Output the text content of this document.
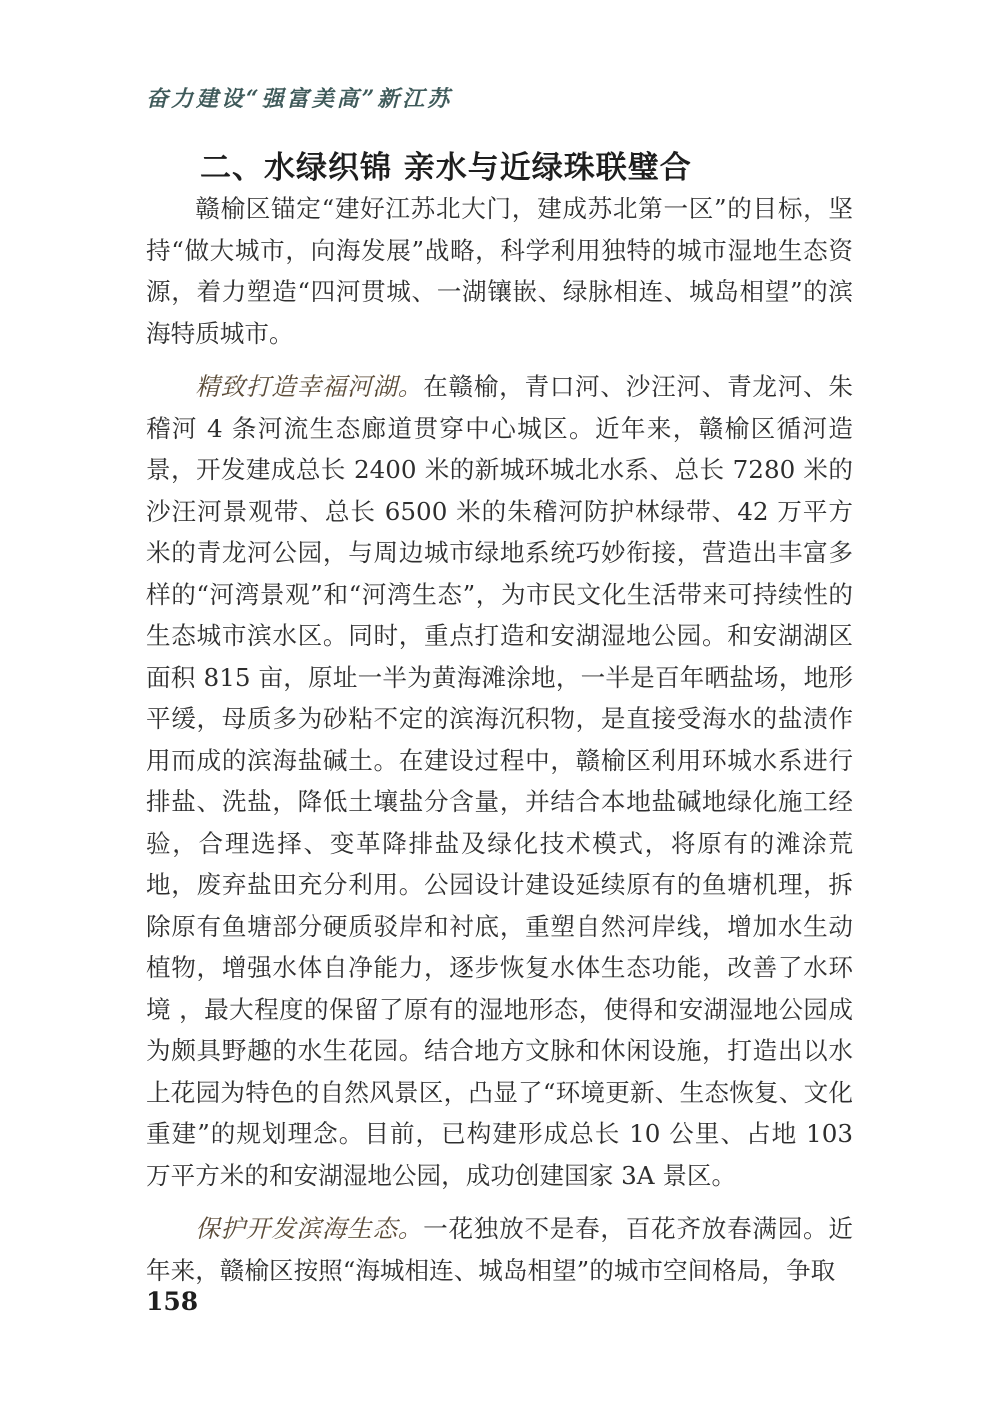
奋力建设“强富美高”新江苏
二、水绿织锦 亲水与近绿珠联璧合

赣榆区锚定“建好江苏北大门，建成苏北第一区”的目标，坚持“做大城市，向海发展”战略，科学利用独特的城市湿地生态资源，着力塑造“四河贯城、一湖镶嵌、绿脉相连、城岛相望”的滨海特质城市。

精致打造幸福河湖。在赣榆，青口河、沙汪河、青龙河、朱稽河 4 条河流生态廊道贯穿中心城区。近年来，赣榆区循河造景，开发建成总长 2400 米的新城环城北水系、总长 7280 米的沙汪河景观带、总长 6500 米的朱稽河防护林绿带、42 万平方米的青龙河公园，与周边城市绿地系统巧妙衔接，营造出丰富多样的“河湾景观”和“河湾生态”，为市民文化生活带来可持续性的生态城市滨水区。同时，重点打造和安湖湿地公园。和安湖湖区面积 815 亩，原址一半为黄海滩涂地，一半是百年晒盐场，地形平缓，母质多为砂粘不定的滨海沉积物，是直接受海水的盐渍作用而成的滨海盐碱土。在建设过程中，赣榆区利用环城水系进行排盐、洗盐，降低土壤盐分含量，并结合本地盐碱地绿化施工经验，合理选择、变革降排盐及绿化技术模式，将原有的滩涂荒地，废弃盐田充分利用。公园设计建设延续原有的鱼塘机理，拆除原有鱼塘部分硬质驳岸和衬底，重塑自然河岸线，增加水生动植物，增强水体自净能力，逐步恢复水体生态功能，改善了水环境 ，最大程度的保留了原有的湿地形态，使得和安湖湿地公园成为颇具野趣的水生花园。结合地方文脉和休闲设施，打造出以水上花园为特色的自然风景区，凸显了“环境更新、生态恢复、文化重建”的规划理念。目前，已构建形成总长 10 公里、占地 103 万平方米的和安湖湿地公园，成功创建国家 3A 景区。

保护开发滨海生态。一花独放不是春，百花齐放春满园。近年来，赣榆区按照“海城相连、城岛相望”的城市空间格局，争取

158
